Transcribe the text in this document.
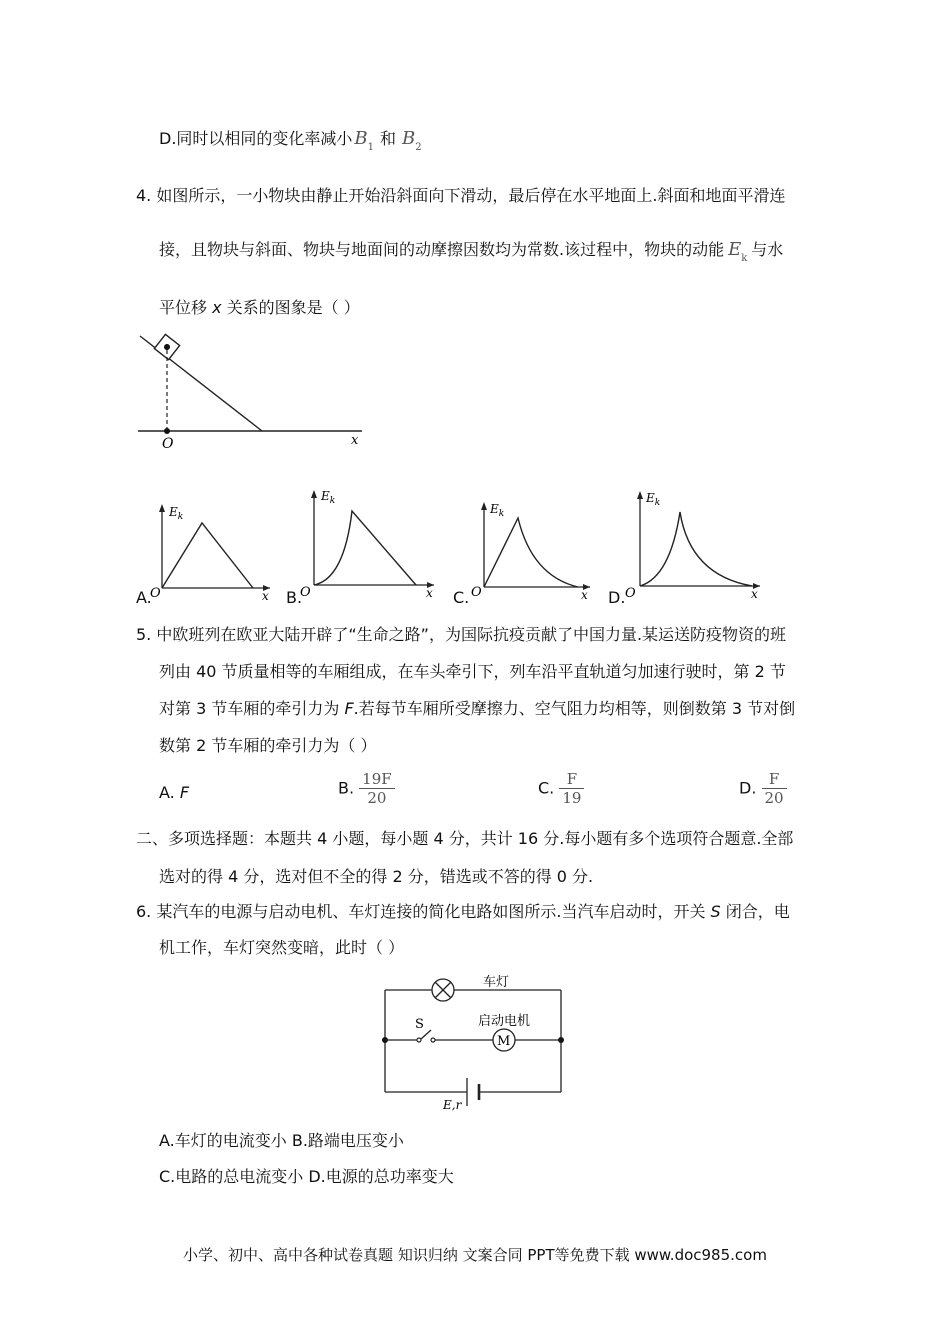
D.同时以相同的变化率减小 $B_1$ 和 $B_2$
4. 如图所示，一小物块由静止开始沿斜面向下滑动，最后停在水平地面上.斜面和地面平滑连
接，且物块与斜面、物块与地面间的动摩擦因数均为常数.该过程中，物块的动能 $E_k$ 与水
平位移 x 关系的图象是（ ）
O	x
A.
$E_k$
O	x B.
$E_k$
O	x C.
$E_k$
O	x D.
$E_k$
O	x
5. 中欧班列在欧亚大陆开辟了“生命之路”，为国际抗疫贡献了中国力量.某运送防疫物资的班
列由 40 节质量相等的车厢组成，在车头牵引下，列车沿平直轨道匀加速行驶时，第 2 节
对第 3 节车厢的牵引力为 F.若每节车厢所受摩擦力、空气阻力均相等，则倒数第 3 节对倒
数第 2 节车厢的牵引力为（ ）
A. F	B. $\frac{19F}{20}$	C. $\frac{F}{19}$	D. $\frac{F}{20}$
二、多项选择题：本题共 4 小题，每小题 4 分，共计 16 分.每小题有多个选项符合题意.全部
选对的得 4 分，选对但不全的得 2 分，错选或不答的得 0 分.
6. 某汽车的电源与启动电机、车灯连接的简化电路如图所示.当汽车启动时，开关 S 闭合，电
机工作，车灯突然变暗，此时（ ）
车灯
S
M
启动电机
E,r
A.车灯的电流变小 B.路端电压变小
C.电路的总电流变小 D.电源的总功率变大
小学、初中、高中各种试卷真题 知识归纳 文案合同 PPT等免费下载 www.doc985.com
